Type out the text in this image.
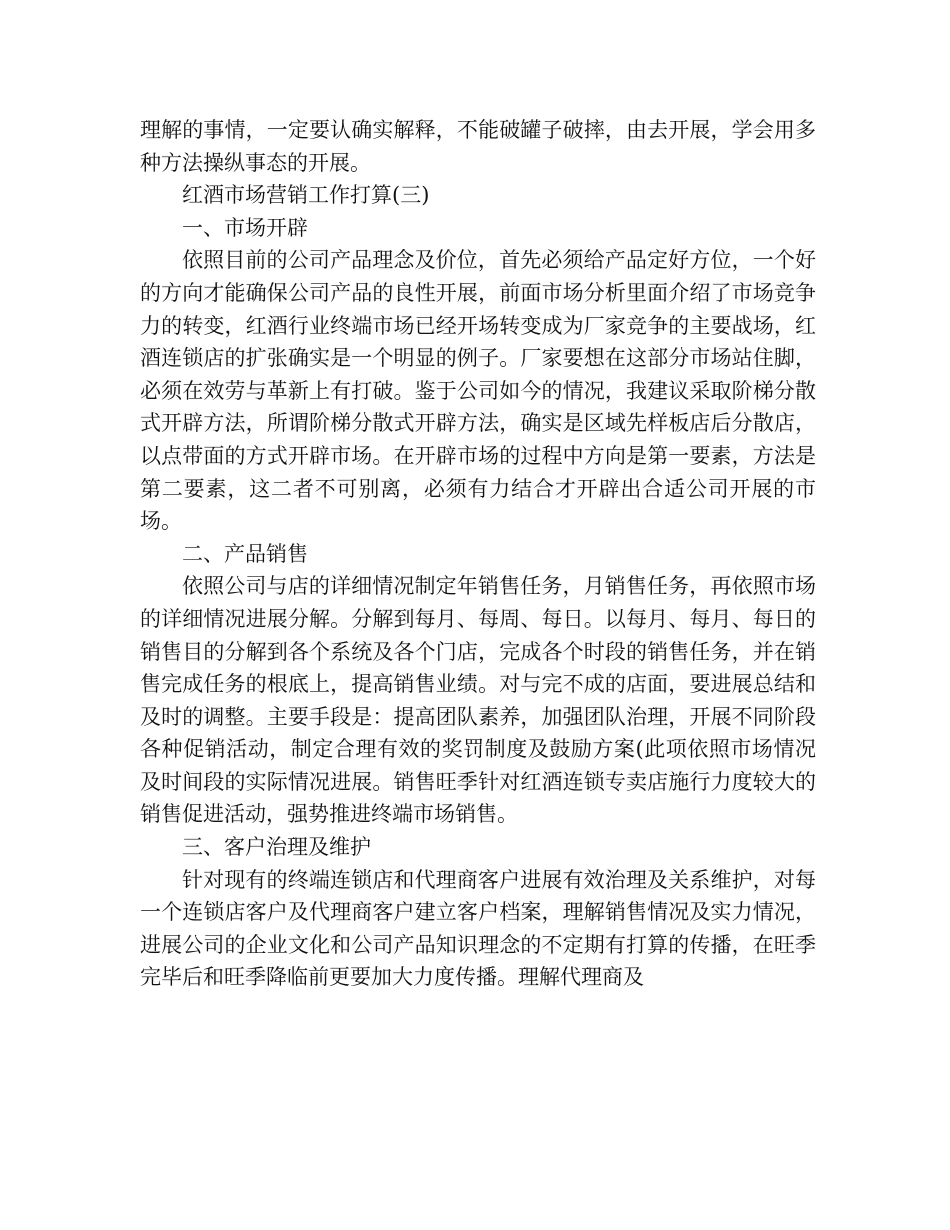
理解的事情，一定要认确实解释，不能破罐子破摔，由去开展，学会用多种方法操纵事态的开展。

红酒市场营销工作打算(三)

一、市场开辟

依照目前的公司产品理念及价位，首先必须给产品定好方位，一个好的方向才能确保公司产品的良性开展，前面市场分析里面介绍了市场竞争力的转变，红酒行业终端市场已经开场转变成为厂家竞争的主要战场，红酒连锁店的扩张确实是一个明显的例子。厂家要想在这部分市场站住脚，必须在效劳与革新上有打破。鉴于公司如今的情况，我建议采取阶梯分散式开辟方法，所谓阶梯分散式开辟方法，确实是区域先样板店后分散店，以点带面的方式开辟市场。在开辟市场的过程中方向是第一要素，方法是第二要素，这二者不可别离，必须有力结合才开辟出合适公司开展的市场。

二、产品销售

依照公司与店的详细情况制定年销售任务，月销售任务，再依照市场的详细情况进展分解。分解到每月、每周、每日。以每月、每月、每日的销售目的分解到各个系统及各个门店，完成各个时段的销售任务，并在销售完成任务的根底上，提高销售业绩。对与完不成的店面，要进展总结和及时的调整。主要手段是：提高团队素养，加强团队治理，开展不同阶段各种促销活动，制定合理有效的奖罚制度及鼓励方案(此项依照市场情况及时间段的实际情况进展。销售旺季针对红酒连锁专卖店施行力度较大的销售促进活动，强势推进终端市场销售。

三、客户治理及维护

针对现有的终端连锁店和代理商客户进展有效治理及关系维护，对每一个连锁店客户及代理商客户建立客户档案，理解销售情况及实力情况，进展公司的企业文化和公司产品知识理念的不定期有打算的传播，在旺季完毕后和旺季降临前更要加大力度传播。理解代理商及
